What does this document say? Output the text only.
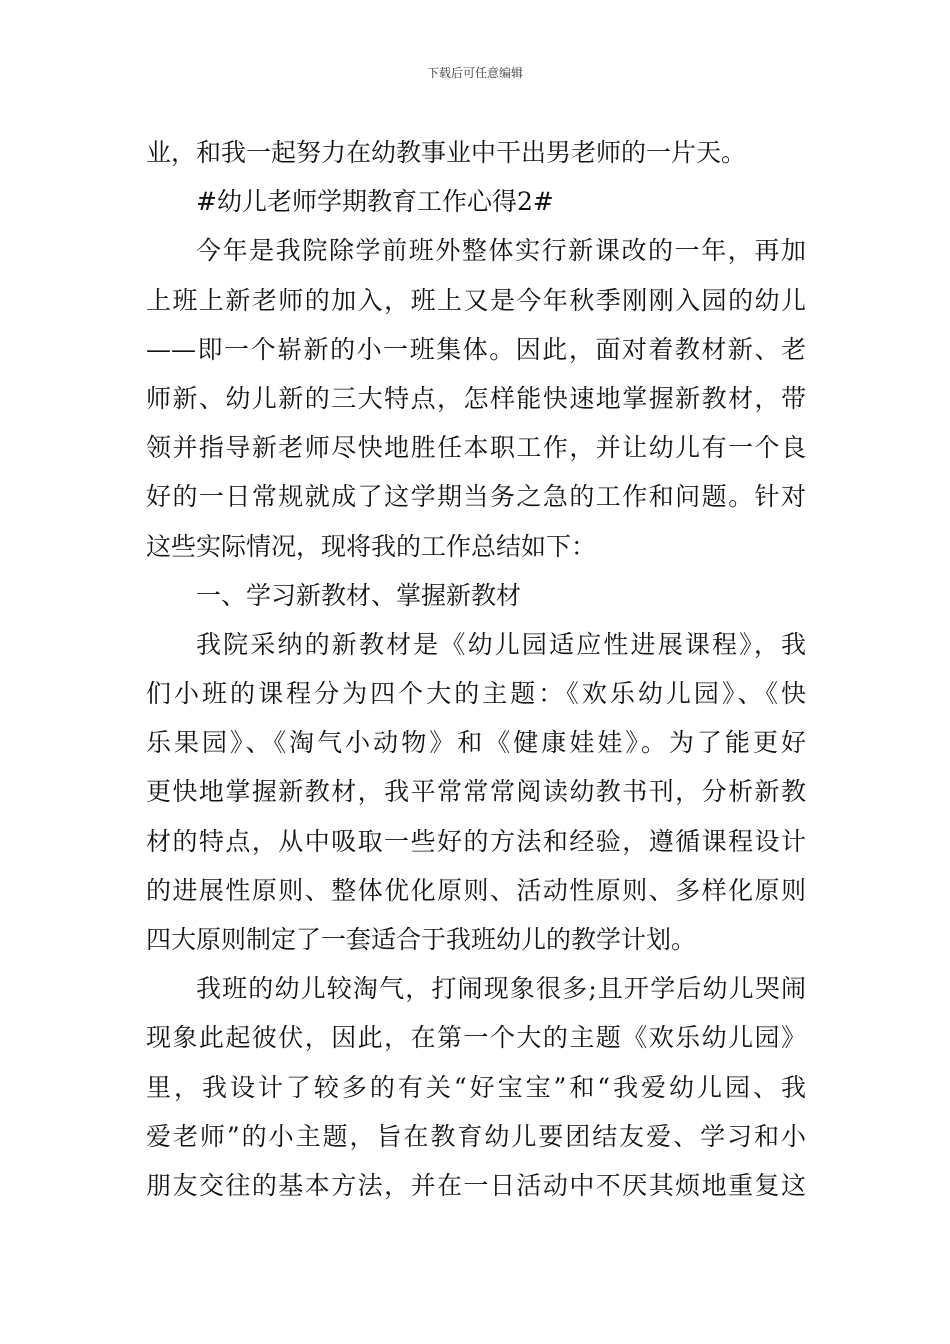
下载后可任意编辑
业，和我一起努力在幼教事业中干出男老师的一片天。
#幼儿老师学期教育工作心得2#
今年是我院除学前班外整体实行新课改的一年，再加
上班上新老师的加入，班上又是今年秋季刚刚入园的幼儿
——即一个崭新的小一班集体。因此，面对着教材新、老
师新、幼儿新的三大特点，怎样能快速地掌握新教材，带
领并指导新老师尽快地胜任本职工作，并让幼儿有一个良
好的一日常规就成了这学期当务之急的工作和问题。针对
这些实际情况，现将我的工作总结如下：
一、学习新教材、掌握新教材
我院采纳的新教材是《幼儿园适应性进展课程》，我
们小班的课程分为四个大的主题：《欢乐幼儿园》、《快
乐果园》、《淘气小动物》和《健康娃娃》。为了能更好
更快地掌握新教材，我平常常常阅读幼教书刊，分析新教
材的特点，从中吸取一些好的方法和经验，遵循课程设计
的进展性原则、整体优化原则、活动性原则、多样化原则
四大原则制定了一套适合于我班幼儿的教学计划。
我班的幼儿较淘气，打闹现象很多;且开学后幼儿哭闹
现象此起彼伏，因此，在第一个大的主题《欢乐幼儿园》
里，我设计了较多的有关“好宝宝”和“我爱幼儿园、我
爱老师”的小主题，旨在教育幼儿要团结友爱、学习和小
朋友交往的基本方法，并在一日活动中不厌其烦地重复这
